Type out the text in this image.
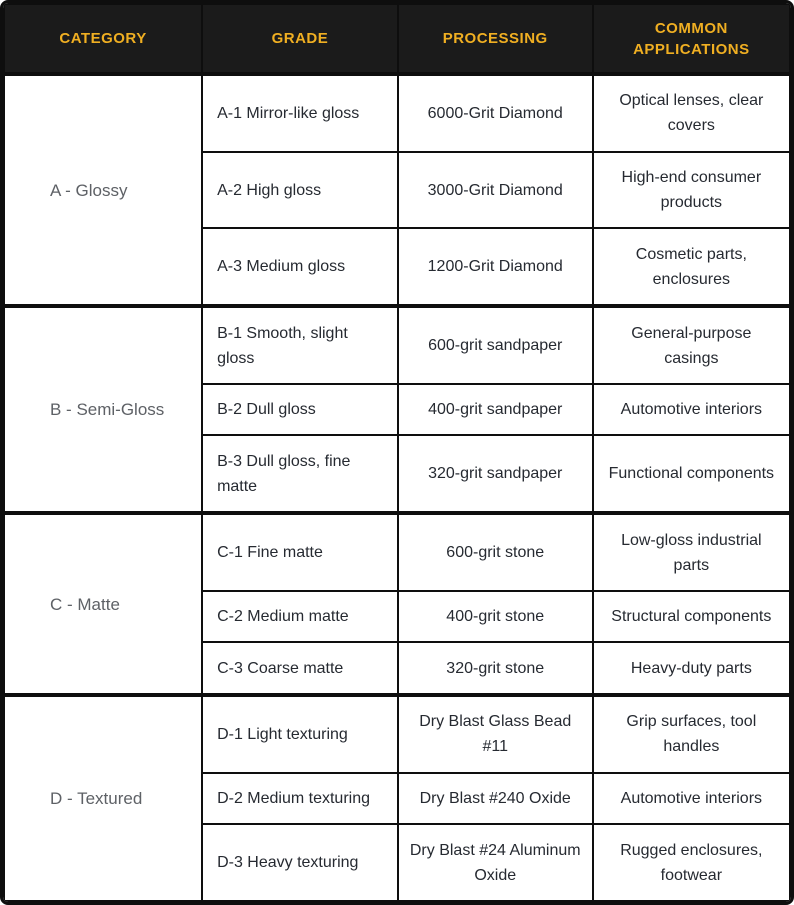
CATEGORY	GRADE	PROCESSING	COMMON APPLICATIONS
A - Glossy	A-1 Mirror-like gloss	6000-Grit Diamond	Optical lenses, clear covers
	A-2 High gloss	3000-Grit Diamond	High-end consumer products
	A-3 Medium gloss	1200-Grit Diamond	Cosmetic parts, enclosures
B - Semi-Gloss	B-1 Smooth, slight gloss	600-grit sandpaper	General-purpose casings
	B-2 Dull gloss	400-grit sandpaper	Automotive interiors
	B-3 Dull gloss, fine matte	320-grit sandpaper	Functional components
C - Matte	C-1 Fine matte	600-grit stone	Low-gloss industrial parts
	C-2 Medium matte	400-grit stone	Structural components
	C-3 Coarse matte	320-grit stone	Heavy-duty parts
D - Textured	D-1 Light texturing	Dry Blast Glass Bead #11	Grip surfaces, tool handles
	D-2 Medium texturing	Dry Blast #240 Oxide	Automotive interiors
	D-3 Heavy texturing	Dry Blast #24 Aluminum Oxide	Rugged enclosures, footwear
